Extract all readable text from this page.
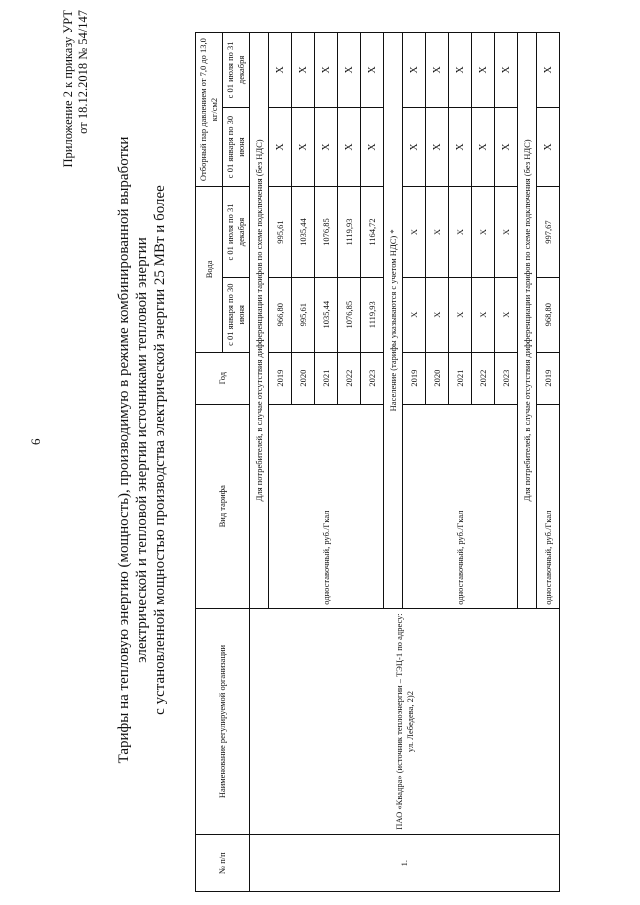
6
Приложение 2 к приказу УРТ от 18.12.2018 № 54/147
Тарифы на тепловую энергию (мощность), производимую в режиме комбинированной выработки электрической и тепловой энергии источниками тепловой энергии с установленной мощностью производства электрической энергии 25 МВт и более
№ п/п	Наименование регулируемой организации	Вид тарифа	Год	Вода		Отборный пар давлением от 7,0 до 13,0 кг/см2	
				с 01 января по 30 июня	с 01 июля по 31 декабря	с 01 января по 30 июня	с 01 июля по 31 декабря
1.	ПАО «Квадра» (источник теплоэнергии – ТЭЦ-1 по адресу: ул. Лебедева, 2)2	Для потребителей, в случае отсутствия дифференциации тарифов по схеме подключения (без НДС)					
		одноставочный, руб./Гкал	2019	966,80	995,61	X	X
			2020	995,61	1035,44	X	X
			2021	1035,44	1076,85	X	X
			2022	1076,85	1119,93	X	X
			2023	1119,93	1164,72	X	X
		Население (тарифы указываются с учетом НДС) *					
		одноставочный, руб./Гкал	2019	X	X	X	X
			2020	X	X	X	X
			2021	X	X	X	X
			2022	X	X	X	X
			2023	X	X	X	X
		Для потребителей, в случае отсутствия дифференциации тарифов по схеме подключения (без НДС)					
		одноставочный, руб./Гкал	2019	968,80	997,67	X	X
